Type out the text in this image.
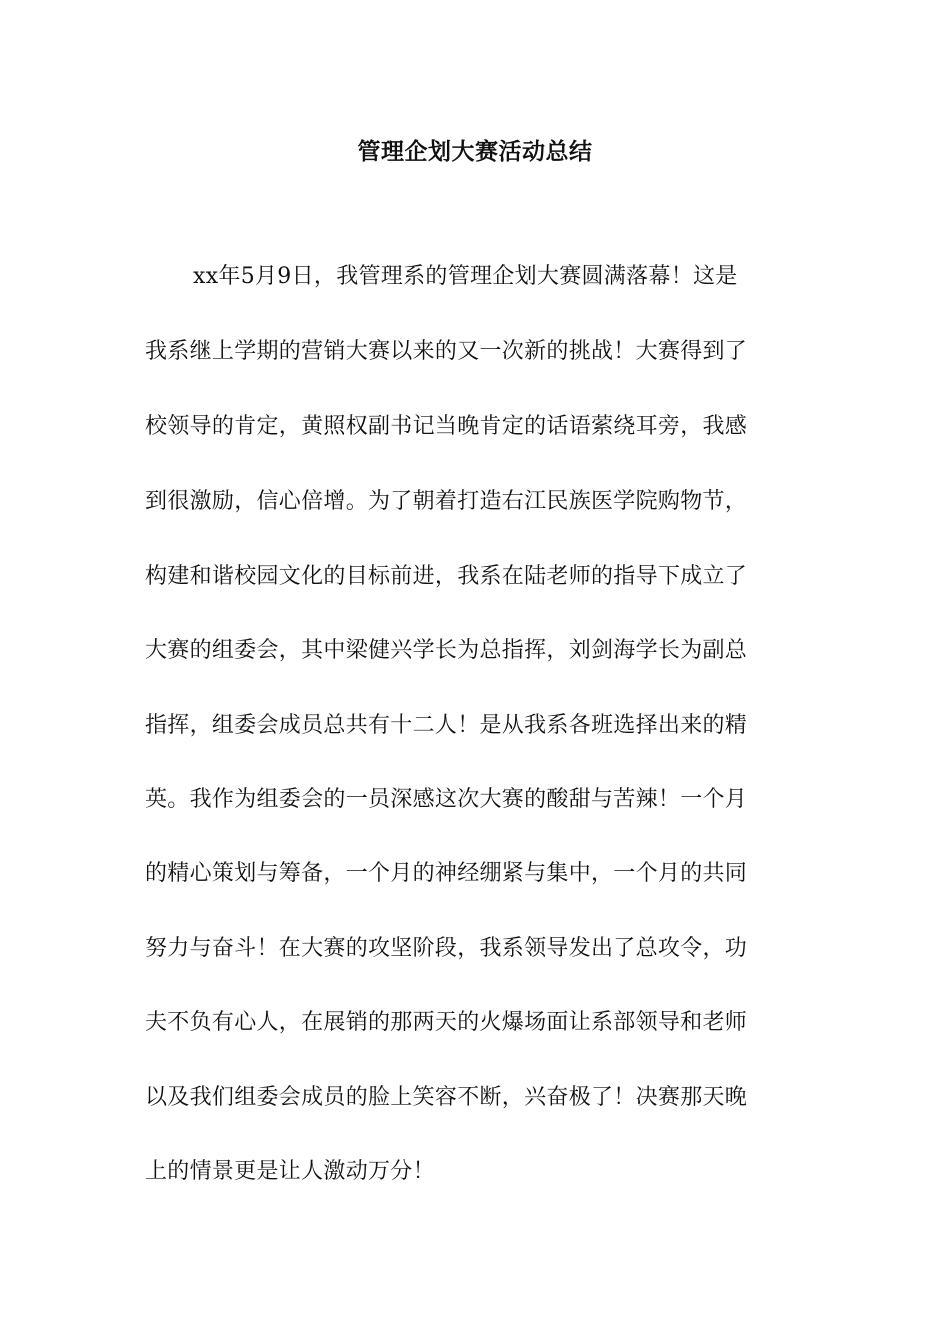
管理企划大赛活动总结

xx年5月9日，我管理系的管理企划大赛圆满落幕！这是

我系继上学期的营销大赛以来的又一次新的挑战！大赛得到了

校领导的肯定，黄照权副书记当晚肯定的话语萦绕耳旁，我感

到很激励，信心倍增。为了朝着打造右江民族医学院购物节，

构建和谐校园文化的目标前进，我系在陆老师的指导下成立了

大赛的组委会，其中梁健兴学长为总指挥，刘剑海学长为副总

指挥，组委会成员总共有十二人！是从我系各班选择出来的精

英。我作为组委会的一员深感这次大赛的酸甜与苦辣！一个月

的精心策划与筹备，一个月的神经绷紧与集中，一个月的共同

努力与奋斗！在大赛的攻坚阶段，我系领导发出了总攻令，功

夫不负有心人，在展销的那两天的火爆场面让系部领导和老师

以及我们组委会成员的脸上笑容不断，兴奋极了！决赛那天晚

上的情景更是让人激动万分！
